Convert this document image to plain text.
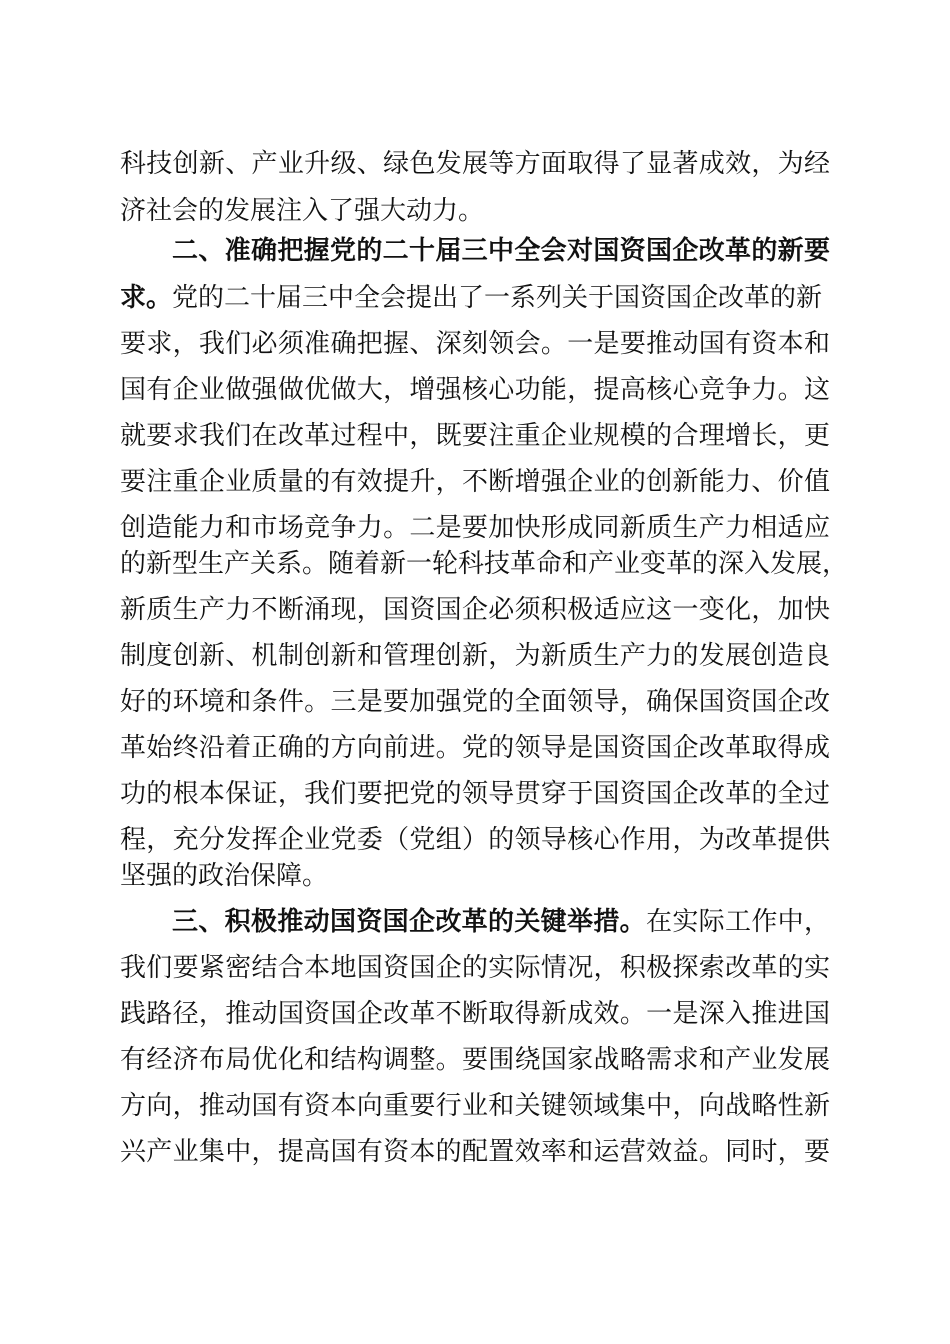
科技创新、产业升级、绿色发展等方面取得了显著成效，为经
济社会的发展注入了强大动力。
二、准确把握党的二十届三中全会对国资国企改革的新要
求。党的二十届三中全会提出了一系列关于国资国企改革的新
要求，我们必须准确把握、深刻领会。一是要推动国有资本和
国有企业做强做优做大，增强核心功能，提高核心竞争力。这
就要求我们在改革过程中，既要注重企业规模的合理增长，更
要注重企业质量的有效提升，不断增强企业的创新能力、价值
创造能力和市场竞争力。二是要加快形成同新质生产力相适应
的新型生产关系。随着新一轮科技革命和产业变革的深入发展，
新质生产力不断涌现，国资国企必须积极适应这一变化，加快
制度创新、机制创新和管理创新，为新质生产力的发展创造良
好的环境和条件。三是要加强党的全面领导，确保国资国企改
革始终沿着正确的方向前进。党的领导是国资国企改革取得成
功的根本保证，我们要把党的领导贯穿于国资国企改革的全过
程，充分发挥企业党委（党组）的领导核心作用，为改革提供
坚强的政治保障。
三、积极推动国资国企改革的关键举措。在实际工作中，
我们要紧密结合本地国资国企的实际情况，积极探索改革的实
践路径，推动国资国企改革不断取得新成效。一是深入推进国
有经济布局优化和结构调整。要围绕国家战略需求和产业发展
方向，推动国有资本向重要行业和关键领域集中，向战略性新
兴产业集中，提高国有资本的配置效率和运营效益。同时，要
